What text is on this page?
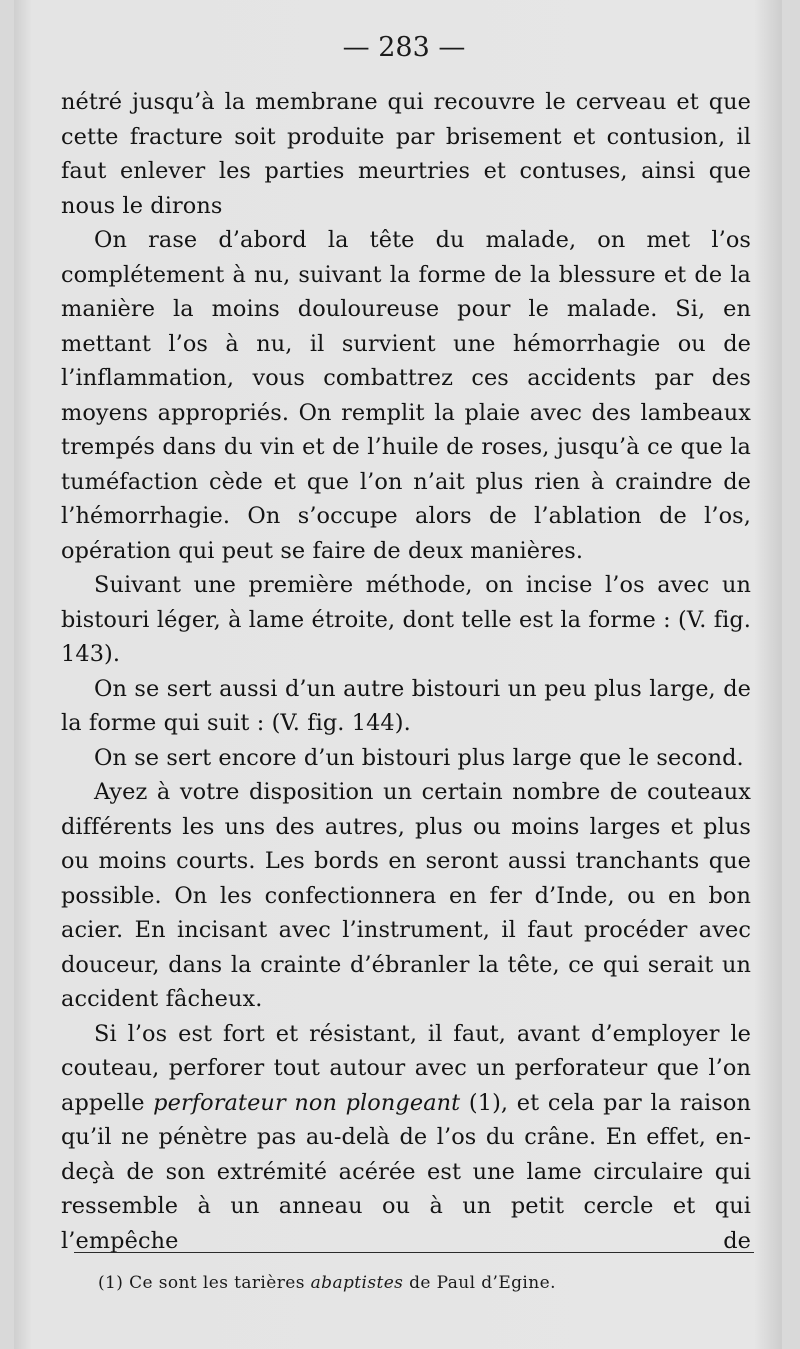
— 283 —

nétré jusqu’à la membrane qui recouvre le cerveau et que cette fracture soit produite par brisement et contusion, il faut enlever les parties meurtries et contuses, ainsi que nous le dirons

On rase d’abord la tête du malade, on met l’os complétement à nu, suivant la forme de la blessure et de la manière la moins douloureuse pour le malade. Si, en mettant l’os à nu, il survient une hémorrhagie ou de l’inflammation, vous combattrez ces accidents par des moyens appropriés. On remplit la plaie avec des lambeaux trempés dans du vin et de l’huile de roses, jusqu’à ce que la tuméfaction cède et que l’on n’ait plus rien à craindre de l’hémorrhagie. On s’occupe alors de l’ablation de l’os, opération qui peut se faire de deux manières.

Suivant une première méthode, on incise l’os avec un bistouri léger, à lame étroite, dont telle est la forme : (V. fig. 143).

On se sert aussi d’un autre bistouri un peu plus large, de la forme qui suit : (V. fig. 144).

On se sert encore d’un bistouri plus large que le second.

Ayez à votre disposition un certain nombre de couteaux différents les uns des autres, plus ou moins larges et plus ou moins courts. Les bords en seront aussi tranchants que possible. On les confectionnera en fer d’Inde, ou en bon acier. En incisant avec l’instrument, il faut procéder avec douceur, dans la crainte d’ébranler la tête, ce qui serait un accident fâcheux.

Si l’os est fort et résistant, il faut, avant d’employer le couteau, perforer tout autour avec un perforateur que l’on appelle perforateur non plongeant (1), et cela par la raison qu’il ne pénètre pas au-delà de l’os du crâne. En effet, en-deçà de son extrémité acérée est une lame circulaire qui ressemble à un anneau ou à un petit cercle et qui l’empêche de

(1) Ce sont les tarières abaptistes de Paul d’Egine.
